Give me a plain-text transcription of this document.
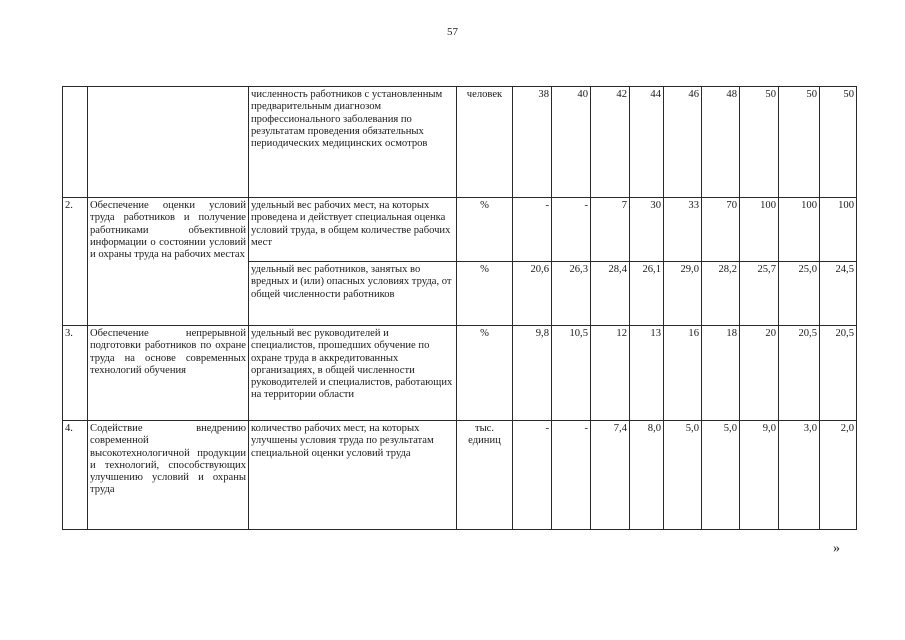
57
		численность работников с установленным предварительным диагнозом профессионального заболевания по результатам проведения обязательных периодических медицинских осмотров	человек	38	40	42	44	46	48	50	50	50
2.	Обеспечение оценки условий труда работников и получение работниками объективной информации о состоянии условий и охраны труда на рабочих местах	удельный вес рабочих мест, на которых проведена и действует специальная оценка условий труда, в общем количестве рабочих мест	%	-	-	7	30	33	70	100	100	100
		удельный вес работников, занятых во вредных и (или) опасных условиях труда, от общей численности работников	%	20,6	26,3	28,4	26,1	29,0	28,2	25,7	25,0	24,5
3.	Обеспечение непрерывной подготовки работников по охране труда на основе современных технологий обучения	удельный вес руководителей и специалистов, прошедших обучение по охране труда в аккредитованных организациях, в общей численности руководителей и специалистов, работающих на территории области	%	9,8	10,5	12	13	16	18	20	20,5	20,5
4.	Содействие внедрению современной высокотехнологичной продукции и технологий, способствующих улучшению условий и охраны труда	количество рабочих мест, на которых улучшены условия труда по результатам специальной оценки условий труда	тыс. единиц	-	-	7,4	8,0	5,0	5,0	9,0	3,0	2,0
»
